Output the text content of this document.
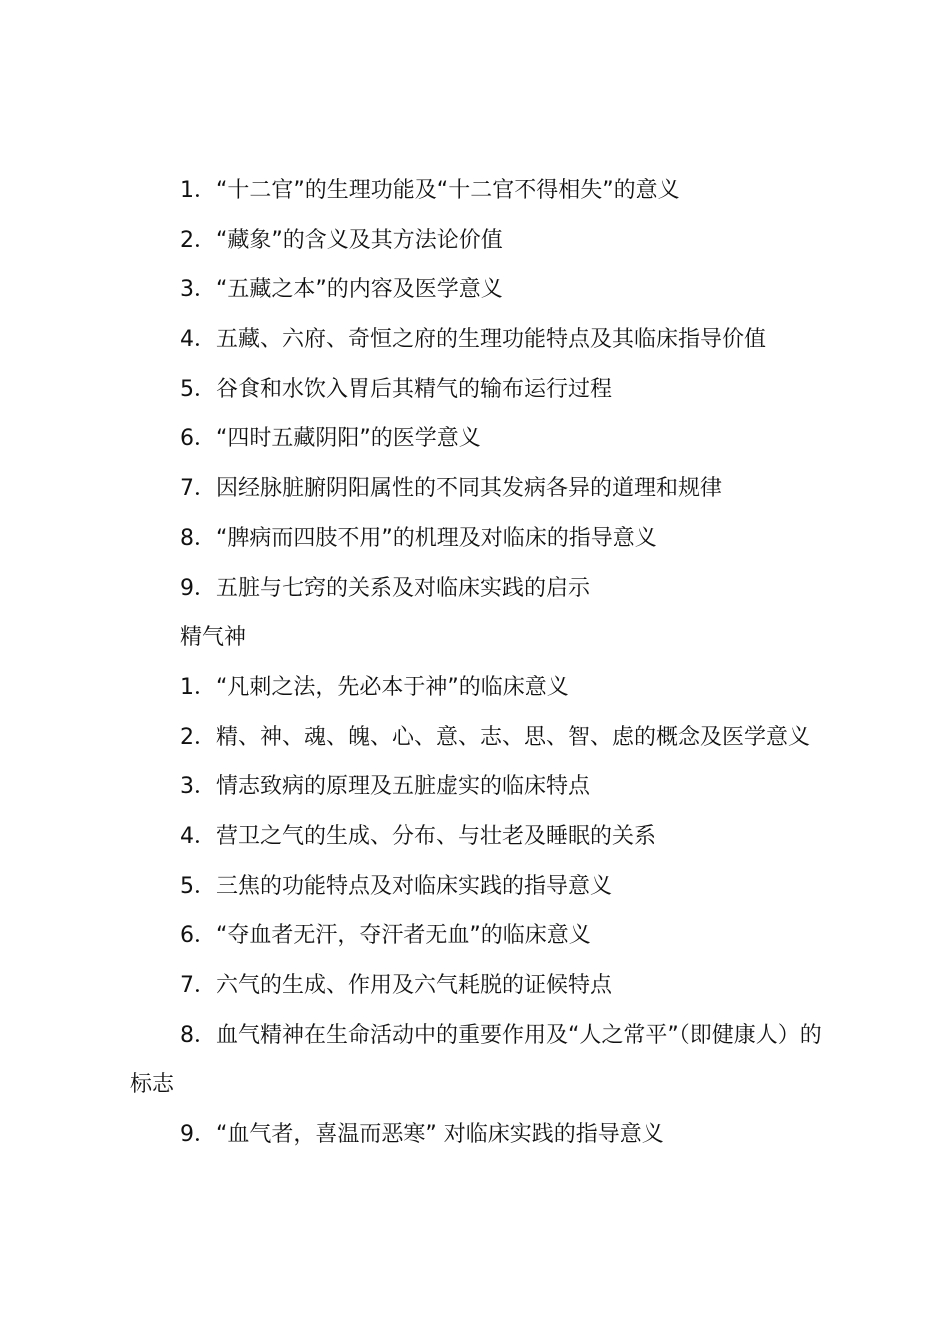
1．“十二官”的生理功能及“十二官不得相失”的意义
2．“藏象”的含义及其方法论价值
3．“五藏之本”的内容及医学意义
4．五藏、六府、奇恒之府的生理功能特点及其临床指导价值
5．谷食和水饮入胃后其精气的输布运行过程
6．“四时五藏阴阳”的医学意义
7．因经脉脏腑阴阳属性的不同其发病各异的道理和规律
8．“脾病而四肢不用”的机理及对临床的指导意义
9．五脏与七窍的关系及对临床实践的启示
精气神
1．“凡刺之法，先必本于神”的临床意义
2．精、神、魂、魄、心、意、志、思、智、虑的概念及医学意义
3．情志致病的原理及五脏虚实的临床特点
4．营卫之气的生成、分布、与壮老及睡眠的关系
5．三焦的功能特点及对临床实践的指导意义
6．“夺血者无汗，夺汗者无血”的临床意义
7．六气的生成、作用及六气耗脱的证候特点
8．血气精神在生命活动中的重要作用及“人之常平”（即健康人）的标志
9．“血气者，喜温而恶寒” 对临床实践的指导意义
